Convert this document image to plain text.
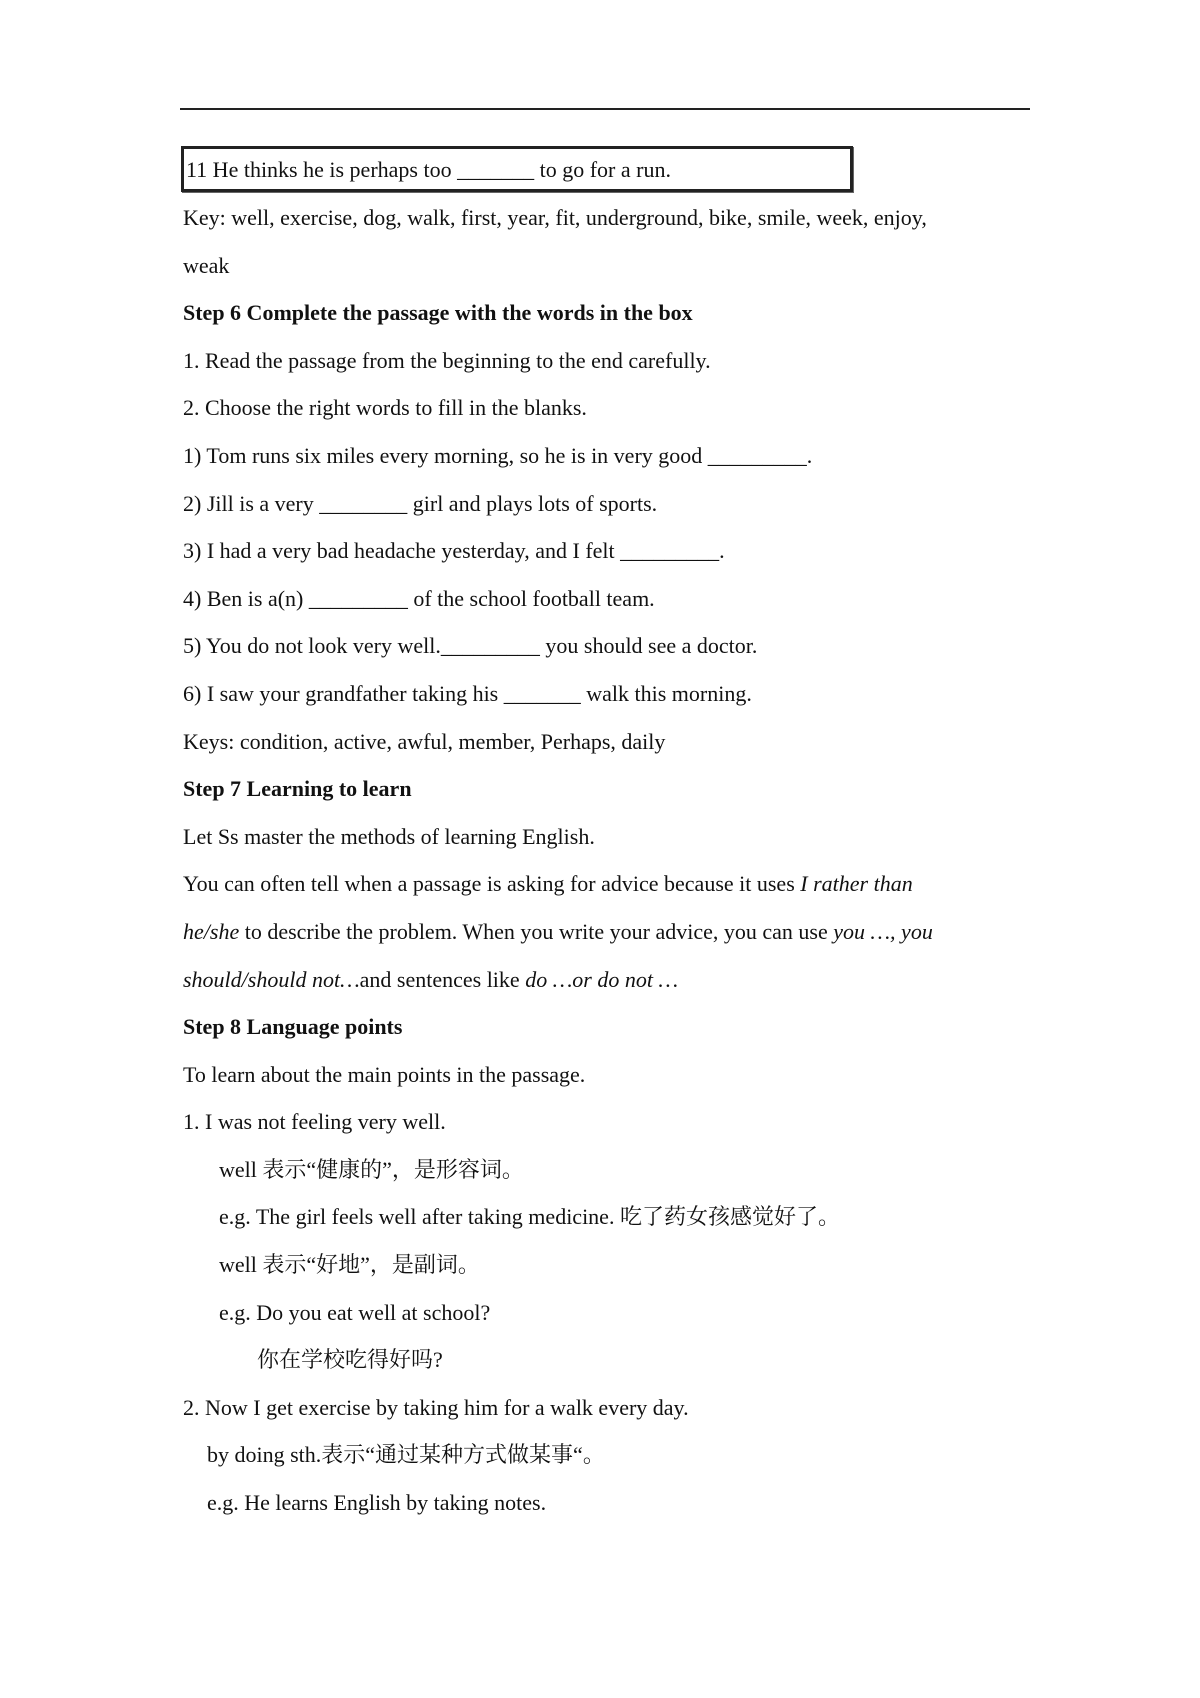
11 He thinks he is perhaps too _______ to go for a run.
Key: well, exercise, dog, walk, first, year, fit, underground, bike, smile, week, enjoy,
weak
Step 6 Complete the passage with the words in the box
1. Read the passage from the beginning to the end carefully.
2. Choose the right words to fill in the blanks.
1) Tom runs six miles every morning, so he is in very good _________.
2) Jill is a very ________ girl and plays lots of sports.
3) I had a very bad headache yesterday, and I felt _________.
4) Ben is a(n) _________ of the school football team.
5) You do not look very well._________ you should see a doctor.
6) I saw your grandfather taking his _______ walk this morning.
Keys: condition, active, awful, member, Perhaps, daily
Step 7 Learning to learn
Let Ss master the methods of learning English.
You can often tell when a passage is asking for advice because it uses I rather than
he/she to describe the problem. When you write your advice, you can use you …, you
should/should not…and sentences like do …or do not …
Step 8 Language points
To learn about the main points in the passage.
1. I was not feeling very well.
well 表示“健康的”，是形容词。
e.g. The girl feels well after taking medicine. 吃了药女孩感觉好了。
well 表示“好地”，是副词。
e.g. Do you eat well at school?
你在学校吃得好吗?
2. Now I get exercise by taking him for a walk every day.
by doing sth.表示“通过某种方式做某事“。
e.g. He learns English by taking notes.
